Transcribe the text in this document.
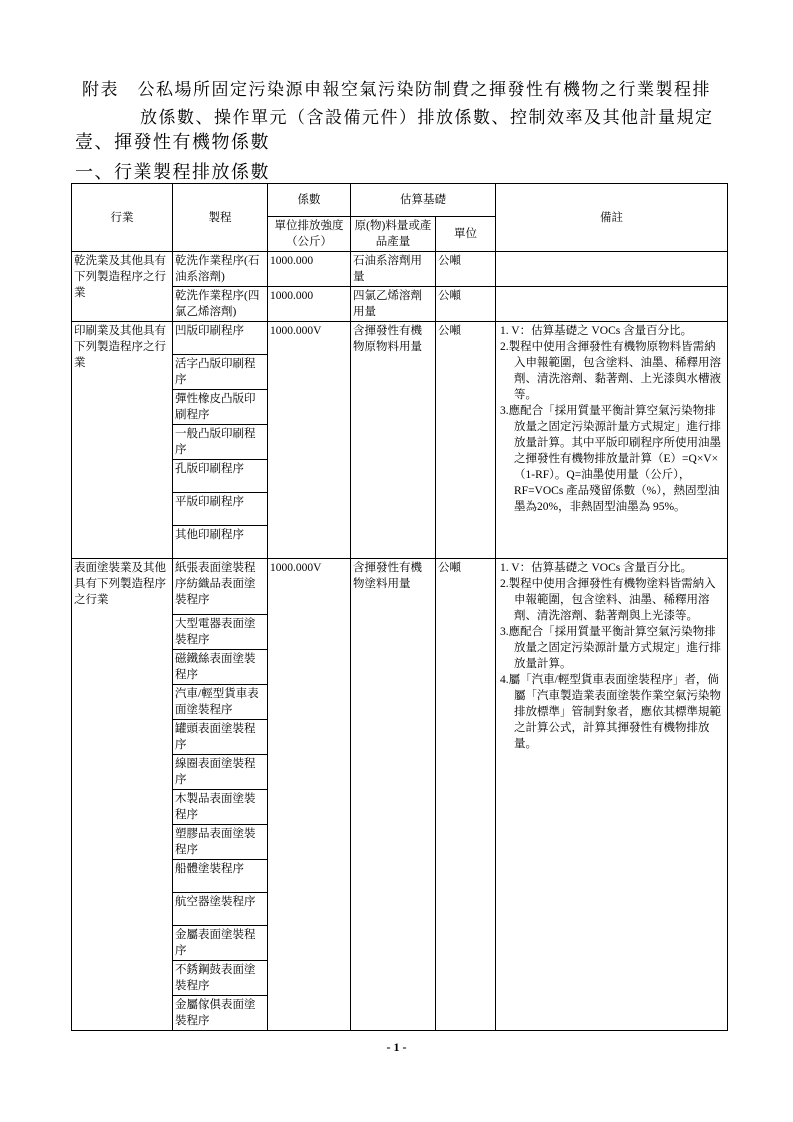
附表　公私場所固定污染源申報空氣污染防制費之揮發性有機物之行業製程排
放係數、操作單元（含設備元件）排放係數、控制效率及其他計量規定
壹、揮發性有機物係數
一、行業製程排放係數
行業	製程	係數	估算基礎		備註
		單位排放強度（公斤）	原(物)料量或產品產量	單位	
乾洗業及其他具有下列製造程序之行業	乾洗作業程序(石油系溶劑)	1000.000	石油系溶劑用量	公噸	
	乾洗作業程序(四氯乙烯溶劑)	1000.000	四氯乙烯溶劑用量	公噸	
印刷業及其他具有下列製造程序之行業	凹版印刷程序	1000.000V	含揮發性有機物原物料用量	公噸	1. V：估算基礎之 VOCs 含量百分比。

2.製程中使用含揮發性有機物原物料皆需納入申報範圍，包含塗料、油墨、稀釋用溶劑、清洗溶劑、黏著劑、上光漆與水槽液等。

3.應配合「採用質量平衡計算空氣污染物排放量之固定污染源計量方式規定」進行排放量計算。其中平版印刷程序所使用油墨之揮發性有機物排放量計算（E）=Q×V×（1-RF）。Q=油墨使用量（公斤），RF=VOCs 產品殘留係數（%），熱固型油墨為20%，非熱固型油墨為 95%。

	活字凸版印刷程序				
	彈性橡皮凸版印刷程序				
	一般凸版印刷程序				
	孔版印刷程序				
	平版印刷程序				
	其他印刷程序				
表面塗裝業及其他具有下列製造程序之行業	紙張表面塗裝程序紡織品表面塗裝程序	1000.000V	含揮發性有機物塗料用量	公噸	1. V：估算基礎之 VOCs 含量百分比。

2.製程中使用含揮發性有機物塗料皆需納入申報範圍，包含塗料、油墨、稀釋用溶劑、清洗溶劑、黏著劑與上光漆等。

3.應配合「採用質量平衡計算空氣污染物排放量之固定污染源計量方式規定」進行排放量計算。

4.屬「汽車/輕型貨車表面塗裝程序」者，倘屬「汽車製造業表面塗裝作業空氣污染物排放標準」管制對象者，應依其標準規範之計算公式，計算其揮發性有機物排放量。

	大型電器表面塗裝程序				
	磁鐵絲表面塗裝程序				
	汽車/輕型貨車表面塗裝程序				
	罐頭表面塗裝程序				
	線圈表面塗裝程序				
	木製品表面塗裝程序				
	塑膠品表面塗裝程序				
	船體塗裝程序				
	航空器塗裝程序				
	金屬表面塗裝程序				
	不銹鋼鼓表面塗裝程序				
	金屬傢俱表面塗裝程序				
- 1 -
